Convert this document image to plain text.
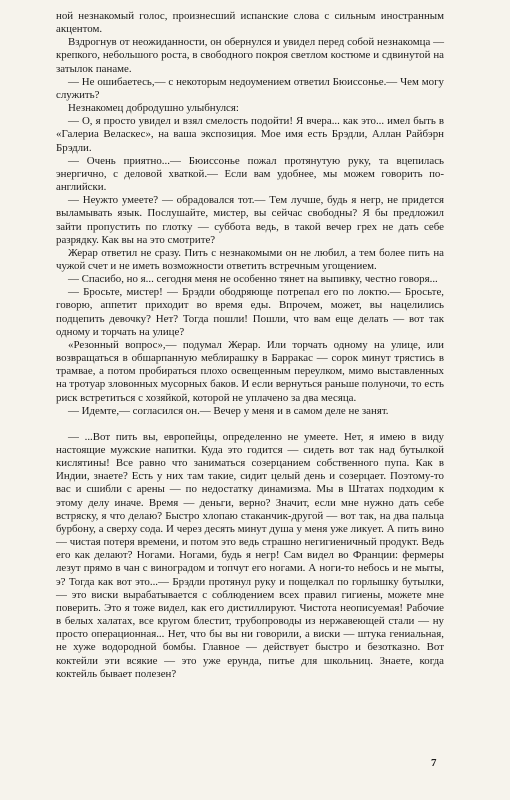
ной незнакомый голос, произнесший испанские слова с сильным иностранным акцентом.

Вздрогнув от неожиданности, он обернулся и увидел перед собой незнакомца — крепкого, небольшого роста, в свободного покроя светлом костюме и сдвинутой на затылок панаме.

— Не ошибаетесь,— с некоторым недоумением ответил Бюиссонье.— Чем могу служить?

Незнакомец добродушно улыбнулся:

— О, я просто увидел и взял смелость подойти! Я вчера... как это... имел быть в «Галериа Веласкес», на ваша экспозиция. Мое имя есть Брэдли, Аллан Райбэрн Брэдли.

— Очень приятно...— Бюиссонье пожал протянутую руку, та вцепилась энергично, с деловой хваткой.— Если вам удобнее, мы можем говорить по-английски.

— Неужто умеете? — обрадовался тот.— Тем лучше, будь я негр, не придется выламывать язык. Послушайте, мистер, вы сейчас свободны? Я бы предложил зайти пропустить по глотку — суббота ведь, в такой вечер грех не дать себе разрядку. Как вы на это смотрите?

Жерар ответил не сразу. Пить с незнакомыми он не любил, а тем более пить на чужой счет и не иметь возможности ответить встречным угощением.

— Спасибо, но я... сегодня меня не особенно тянет на выпивку, честно говоря...

— Бросьте, мистер! — Брэдли ободряюще потрепал его по локтю.— Бросьте, говорю, аппетит приходит во время еды. Впрочем, может, вы нацелились подцепить девочку? Нет? Тогда пошли! Пошли, что вам еще делать — вот так одному и торчать на улице?

«Резонный вопрос»,— подумал Жерар. Или торчать одному на улице, или возвращаться в обшарпанную меблирашку в Барракас — сорок минут трястись в трамвае, а потом пробираться плохо освещенным переулком, мимо выставленных на тротуар зловонных мусорных баков. И если вернуться раньше полуночи, то есть риск встретиться с хозяйкой, которой не уплачено за два месяца.

— Идемте,— согласился он.— Вечер у меня и в самом деле не занят.

— ...Вот пить вы, европейцы, определенно не умеете. Нет, я имею в виду настоящие мужские напитки. Куда это годится — сидеть вот так над бутылкой кислятины! Все равно что заниматься созерцанием собственного пупа. Как в Индии, знаете? Есть у них там такие, сидит целый день и созерцает. Поэтому-то вас и сшибли с арены — по недостатку динамизма. Мы в Штатах подходим к этому делу иначе. Время — деньги, верно? Значит, если мне нужно дать себе встряску, я что делаю? Быстро хлопаю стаканчик-другой — вот так, на два пальца бурбону, а сверху сода. И через десять минут душа у меня уже ликует. А пить вино — чистая потеря времени, и потом это ведь страшно негигиеничный продукт. Ведь его как делают? Ногами. Ногами, будь я негр! Сам видел во Франции: фермеры лезут прямо в чан с виноградом и топчут его ногами. А ноги-то небось и не мыты, э? Тогда как вот это...— Брэдли протянул руку и пощелкал по горлышку бутылки,— это виски вырабатывается с соблюдением всех правил гигиены, можете мне поверить. Это я тоже видел, как его дистиллируют. Чистота неописуемая! Рабочие в белых халатах, все кругом блестит, трубопроводы из нержавеющей стали — ну просто операционная... Нет, что бы вы ни говорили, а виски — штука гениальная, не хуже водородной бомбы. Главное — действует быстро и безотказно. Вот коктейли эти всякие — это уже ерунда, питье для школьниц. Знаете, когда коктейль бывает полезен?

7
